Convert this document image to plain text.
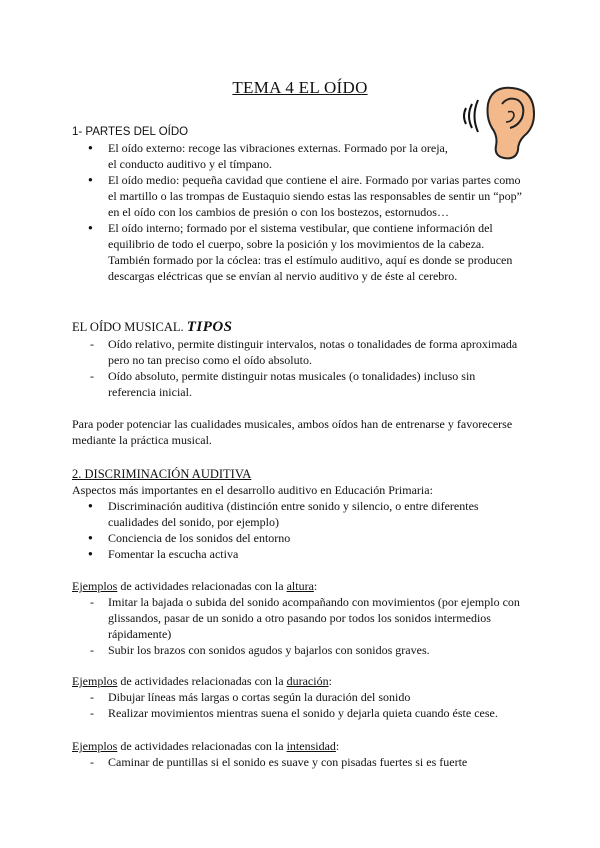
TEMA 4 EL OÍDO
1- PARTES DEL OÍDO
● El oído externo: recoge las vibraciones externas. Formado por la oreja,
el conducto auditivo y el tímpano.
● El oído medio: pequeña cavidad que contiene el aire. Formado por varias partes como
el martillo o las trompas de Eustaquio siendo estas las responsables de sentir un “pop”
en el oído con los cambios de presión o con los bostezos, estornudos…
● El oído interno; formado por el sistema vestibular, que contiene información del
equilibrio de todo el cuerpo, sobre la posición y los movimientos de la cabeza.
También formado por la cóclea: tras el estímulo auditivo, aquí es donde se producen
descargas eléctricas que se envían al nervio auditivo y de éste al cerebro.
EL OÍDO MUSICAL. TIPOS
- Oído relativo, permite distinguir intervalos, notas o tonalidades de forma aproximada
pero no tan preciso como el oído absoluto.
- Oído absoluto, permite distinguir notas musicales (o tonalidades) incluso sin
referencia inicial.
Para poder potenciar las cualidades musicales, ambos oídos han de entrenarse y favorecerse
mediante la práctica musical.
2. DISCRIMINACIÓN AUDITIVA
Aspectos más importantes en el desarrollo auditivo en Educación Primaria:
● Discriminación auditiva (distinción entre sonido y silencio, o entre diferentes
cualidades del sonido, por ejemplo)
● Conciencia de los sonidos del entorno
● Fomentar la escucha activa
Ejemplos de actividades relacionadas con la altura:
- Imitar la bajada o subida del sonido acompañando con movimientos (por ejemplo con
glissandos, pasar de un sonido a otro pasando por todos los sonidos intermedios
rápidamente)
- Subir los brazos con sonidos agudos y bajarlos con sonidos graves.
Ejemplos de actividades relacionadas con la duración:
- Dibujar líneas más largas o cortas según la duración del sonido
- Realizar movimientos mientras suena el sonido y dejarla quieta cuando éste cese.
Ejemplos de actividades relacionadas con la intensidad:
- Caminar de puntillas si el sonido es suave y con pisadas fuertes si es fuerte
